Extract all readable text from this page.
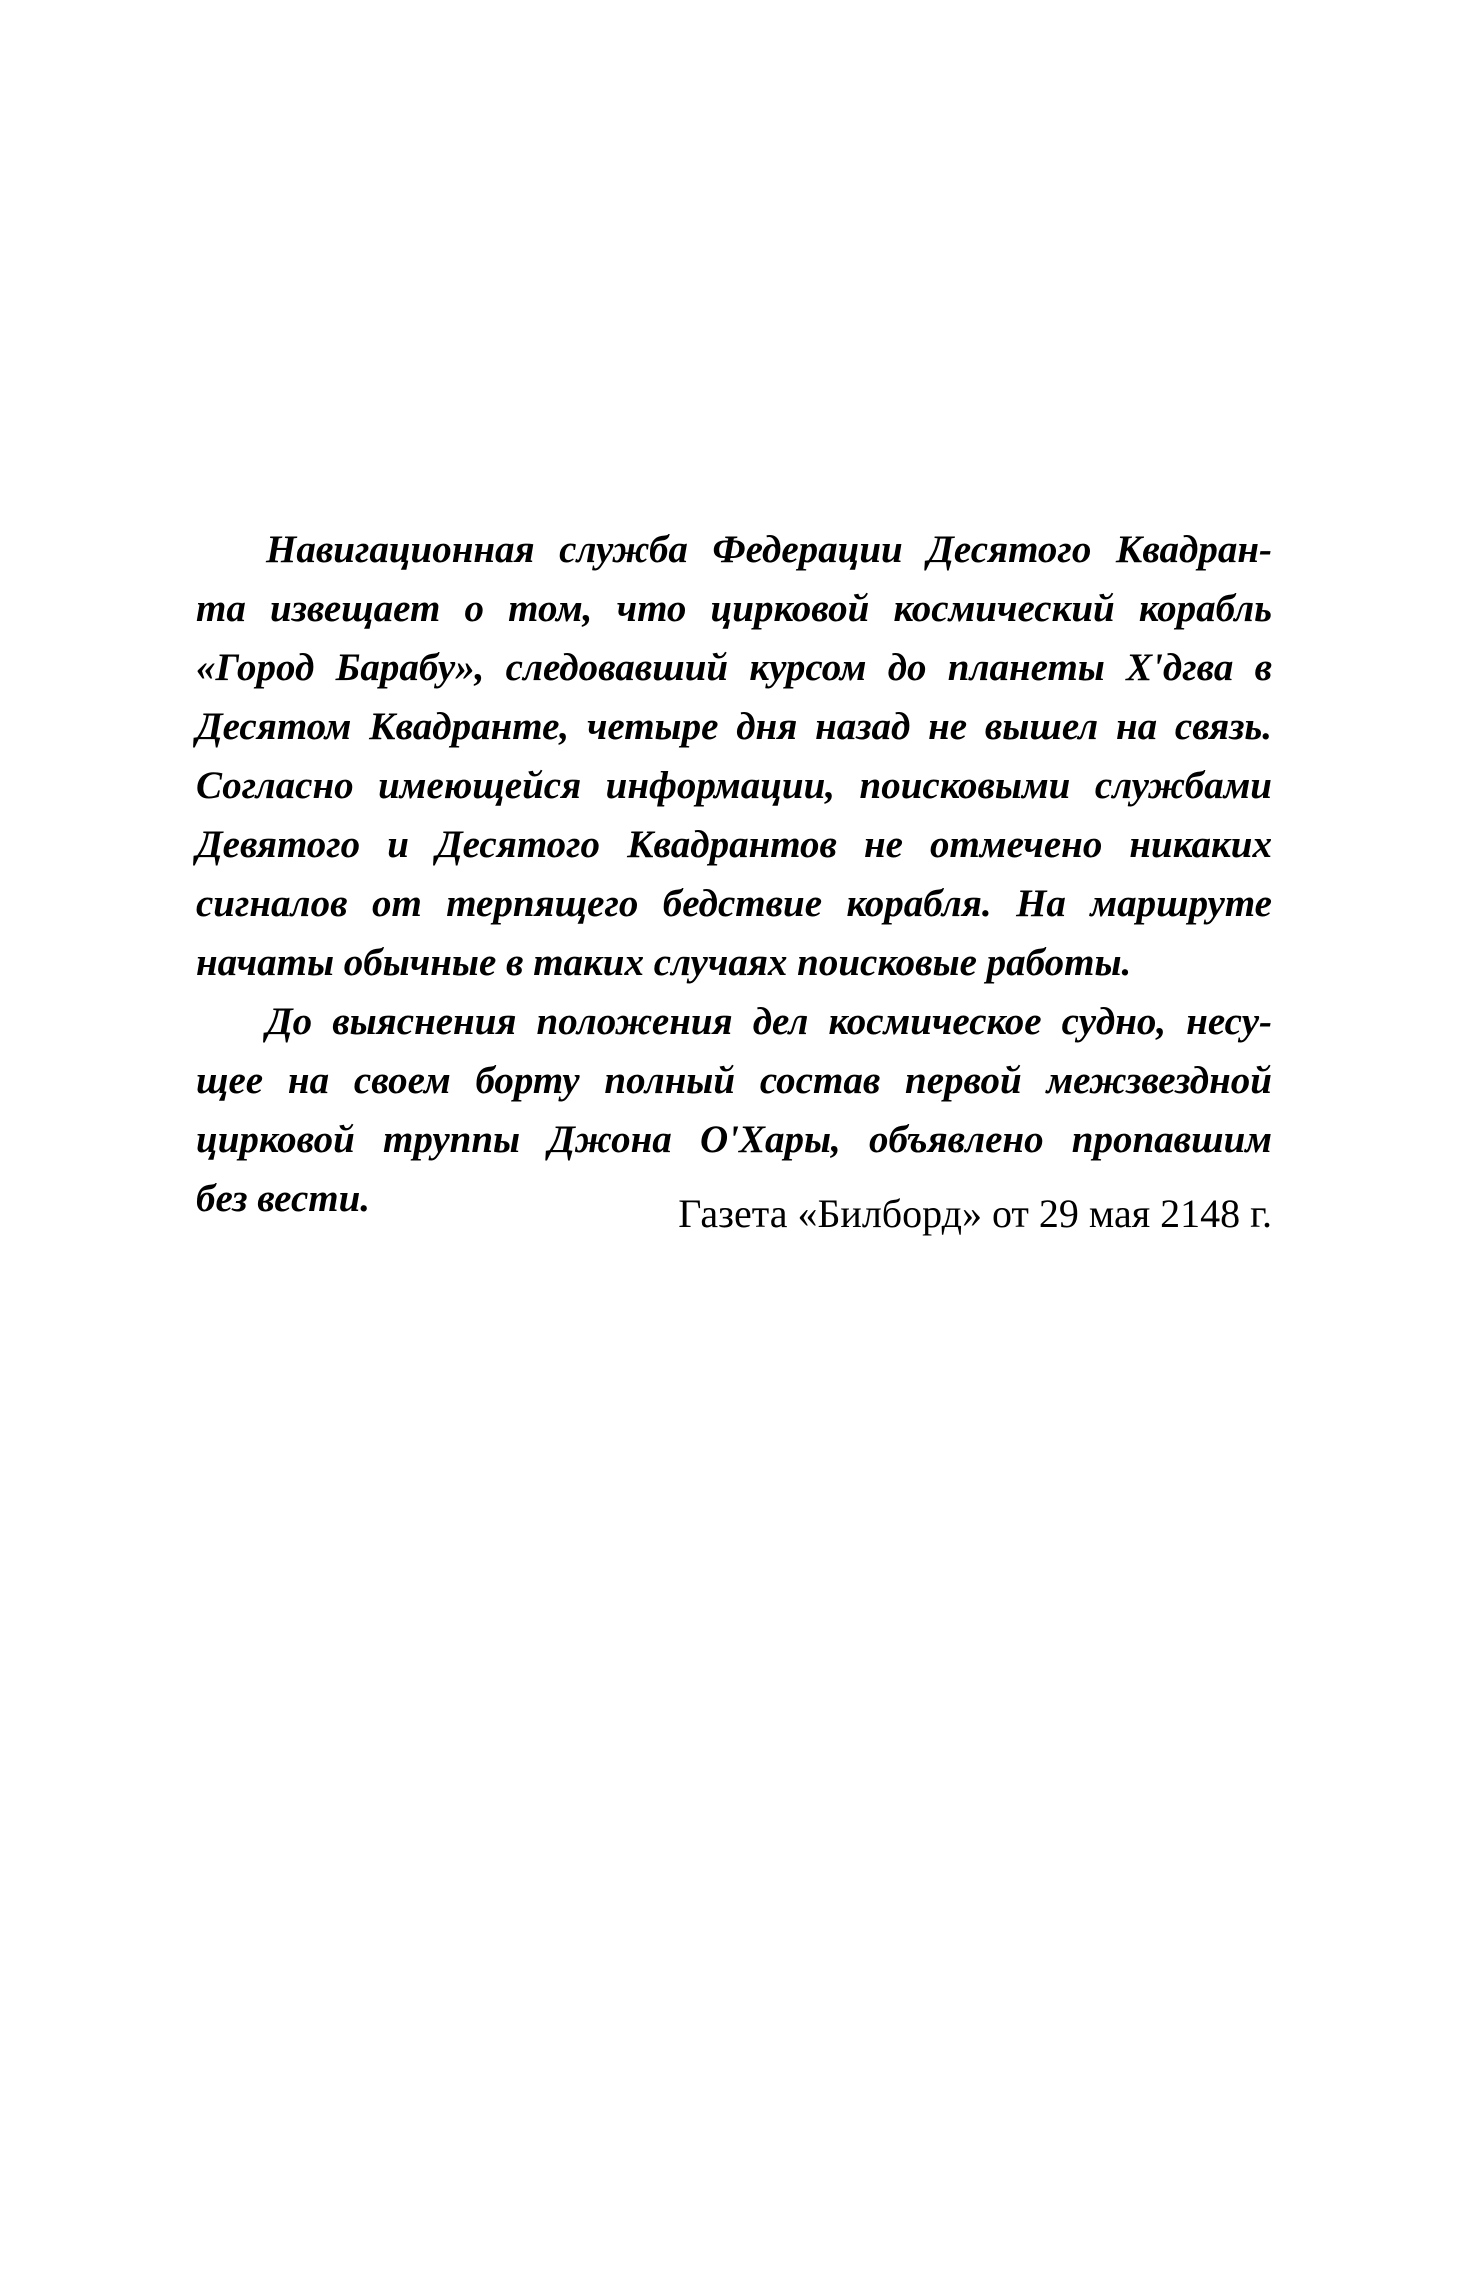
Навигационная служба Федерации Десятого Квадран-
та извещает о том, что цирковой космический корабль
«Город Барабу», следовавший курсом до планеты Х'дгва в
Десятом Квадранте, четыре дня назад не вышел на связь.
Согласно имеющейся информации, поисковыми службами
Девятого и Десятого Квадрантов не отмечено никаких
сигналов от терпящего бедствие корабля. На маршруте
начаты обычные в таких случаях поисковые работы.
До выяснения положения дел космическое судно, несу-
щее на своем борту полный состав первой межзвездной
цирковой труппы Джона О'Хары, объявлено пропавшим
без вести.	Газета «Билборд» от 29 мая 2148 г.
